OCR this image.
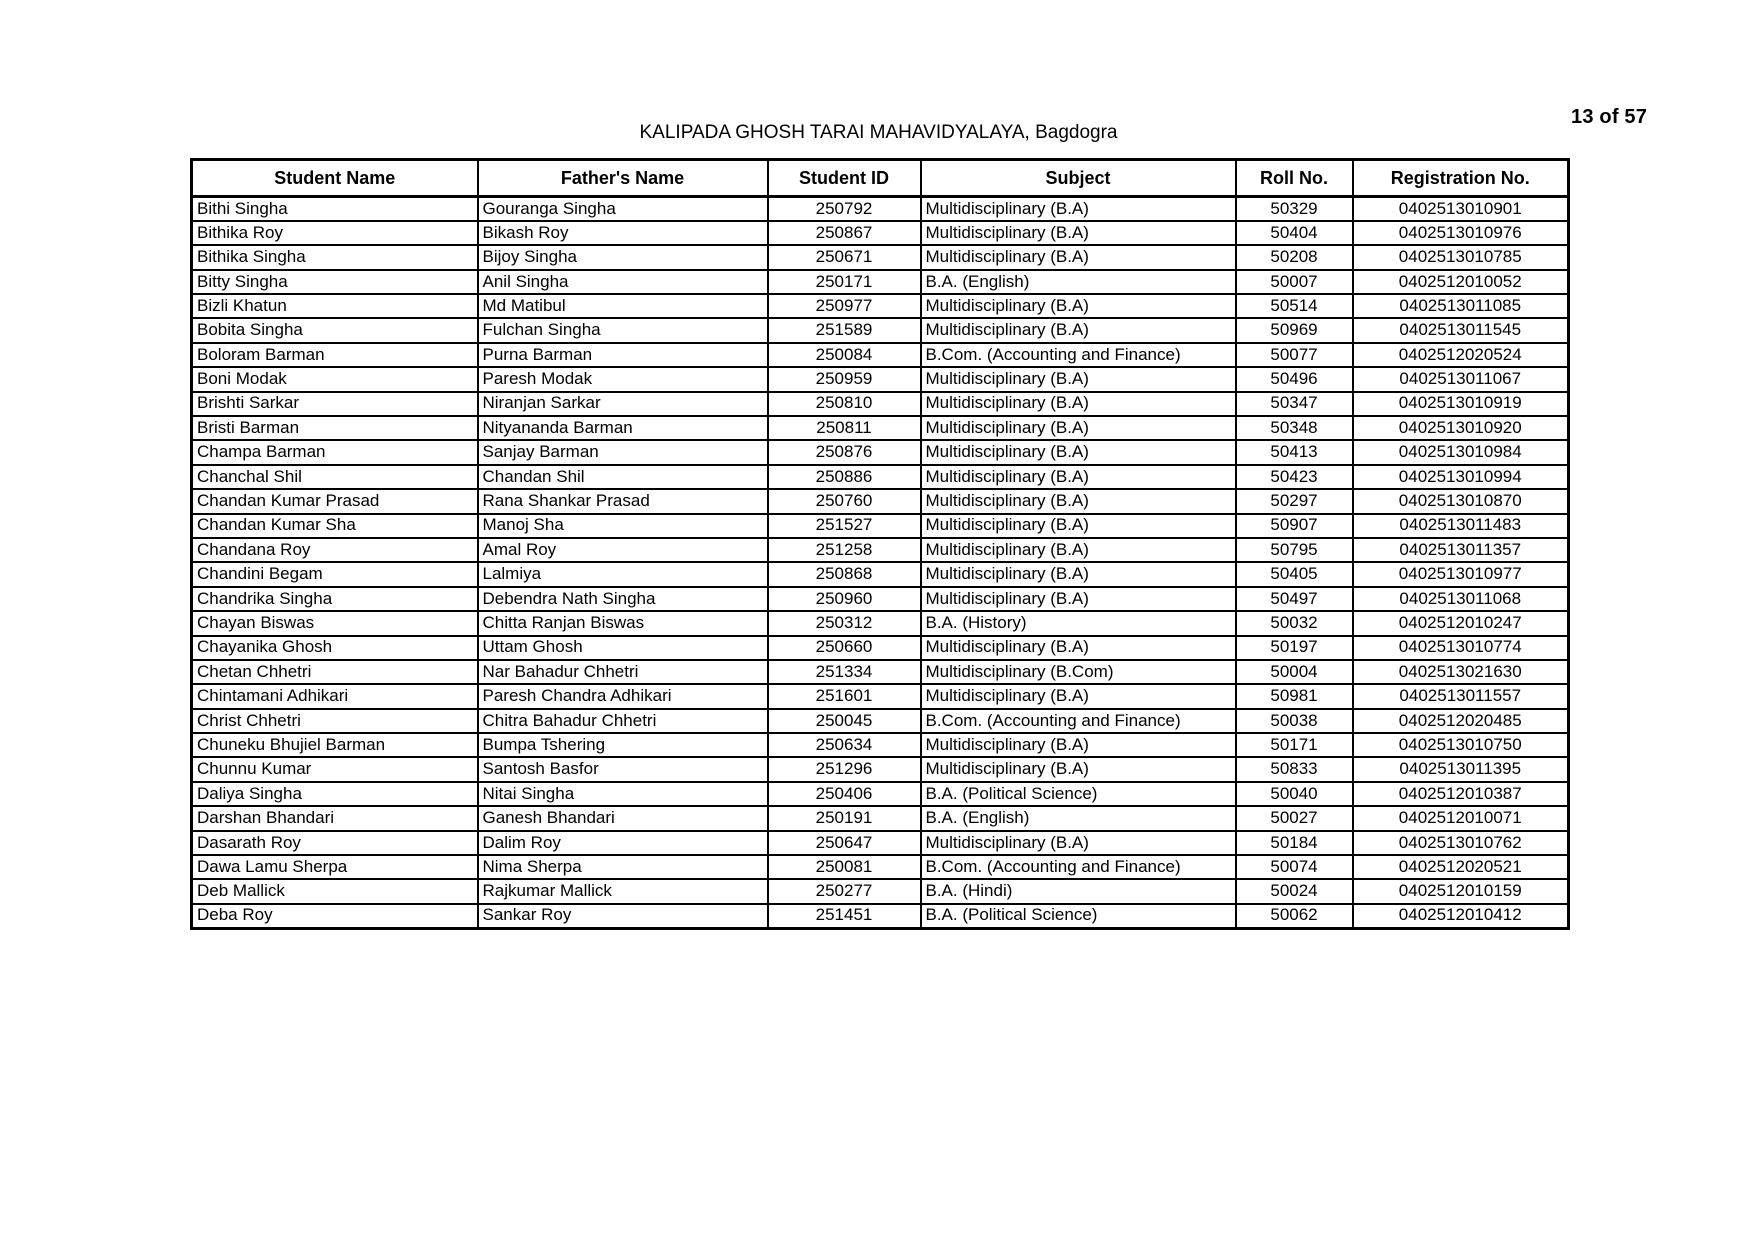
13 of 57
KALIPADA GHOSH TARAI MAHAVIDYALAYA, Bagdogra
Student Name	Father's Name	Student ID	Subject	Roll No.	Registration No.
Bithi Singha	Gouranga Singha	250792	Multidisciplinary (B.A)	50329	0402513010901
Bithika Roy	Bikash Roy	250867	Multidisciplinary (B.A)	50404	0402513010976
Bithika Singha	Bijoy Singha	250671	Multidisciplinary (B.A)	50208	0402513010785
Bitty Singha	Anil Singha	250171	B.A. (English)	50007	0402512010052
Bizli Khatun	Md Matibul	250977	Multidisciplinary (B.A)	50514	0402513011085
Bobita Singha	Fulchan Singha	251589	Multidisciplinary (B.A)	50969	0402513011545
Boloram Barman	Purna Barman	250084	B.Com. (Accounting and Finance)	50077	0402512020524
Boni Modak	Paresh Modak	250959	Multidisciplinary (B.A)	50496	0402513011067
Brishti Sarkar	Niranjan Sarkar	250810	Multidisciplinary (B.A)	50347	0402513010919
Bristi Barman	Nityananda Barman	250811	Multidisciplinary (B.A)	50348	0402513010920
Champa Barman	Sanjay Barman	250876	Multidisciplinary (B.A)	50413	0402513010984
Chanchal Shil	Chandan Shil	250886	Multidisciplinary (B.A)	50423	0402513010994
Chandan Kumar Prasad	Rana Shankar Prasad	250760	Multidisciplinary (B.A)	50297	0402513010870
Chandan Kumar Sha	Manoj Sha	251527	Multidisciplinary (B.A)	50907	0402513011483
Chandana Roy	Amal Roy	251258	Multidisciplinary (B.A)	50795	0402513011357
Chandini Begam	Lalmiya	250868	Multidisciplinary (B.A)	50405	0402513010977
Chandrika Singha	Debendra Nath Singha	250960	Multidisciplinary (B.A)	50497	0402513011068
Chayan Biswas	Chitta Ranjan Biswas	250312	B.A. (History)	50032	0402512010247
Chayanika Ghosh	Uttam Ghosh	250660	Multidisciplinary (B.A)	50197	0402513010774
Chetan Chhetri	Nar Bahadur Chhetri	251334	Multidisciplinary (B.Com)	50004	0402513021630
Chintamani Adhikari	Paresh Chandra Adhikari	251601	Multidisciplinary (B.A)	50981	0402513011557
Christ Chhetri	Chitra Bahadur Chhetri	250045	B.Com. (Accounting and Finance)	50038	0402512020485
Chuneku Bhujiel Barman	Bumpa Tshering	250634	Multidisciplinary (B.A)	50171	0402513010750
Chunnu Kumar	Santosh Basfor	251296	Multidisciplinary (B.A)	50833	0402513011395
Daliya Singha	Nitai Singha	250406	B.A. (Political Science)	50040	0402512010387
Darshan Bhandari	Ganesh Bhandari	250191	B.A. (English)	50027	0402512010071
Dasarath Roy	Dalim Roy	250647	Multidisciplinary (B.A)	50184	0402513010762
Dawa Lamu Sherpa	Nima Sherpa	250081	B.Com. (Accounting and Finance)	50074	0402512020521
Deb Mallick	Rajkumar Mallick	250277	B.A. (Hindi)	50024	0402512010159
Deba Roy	Sankar Roy	251451	B.A. (Political Science)	50062	0402512010412
